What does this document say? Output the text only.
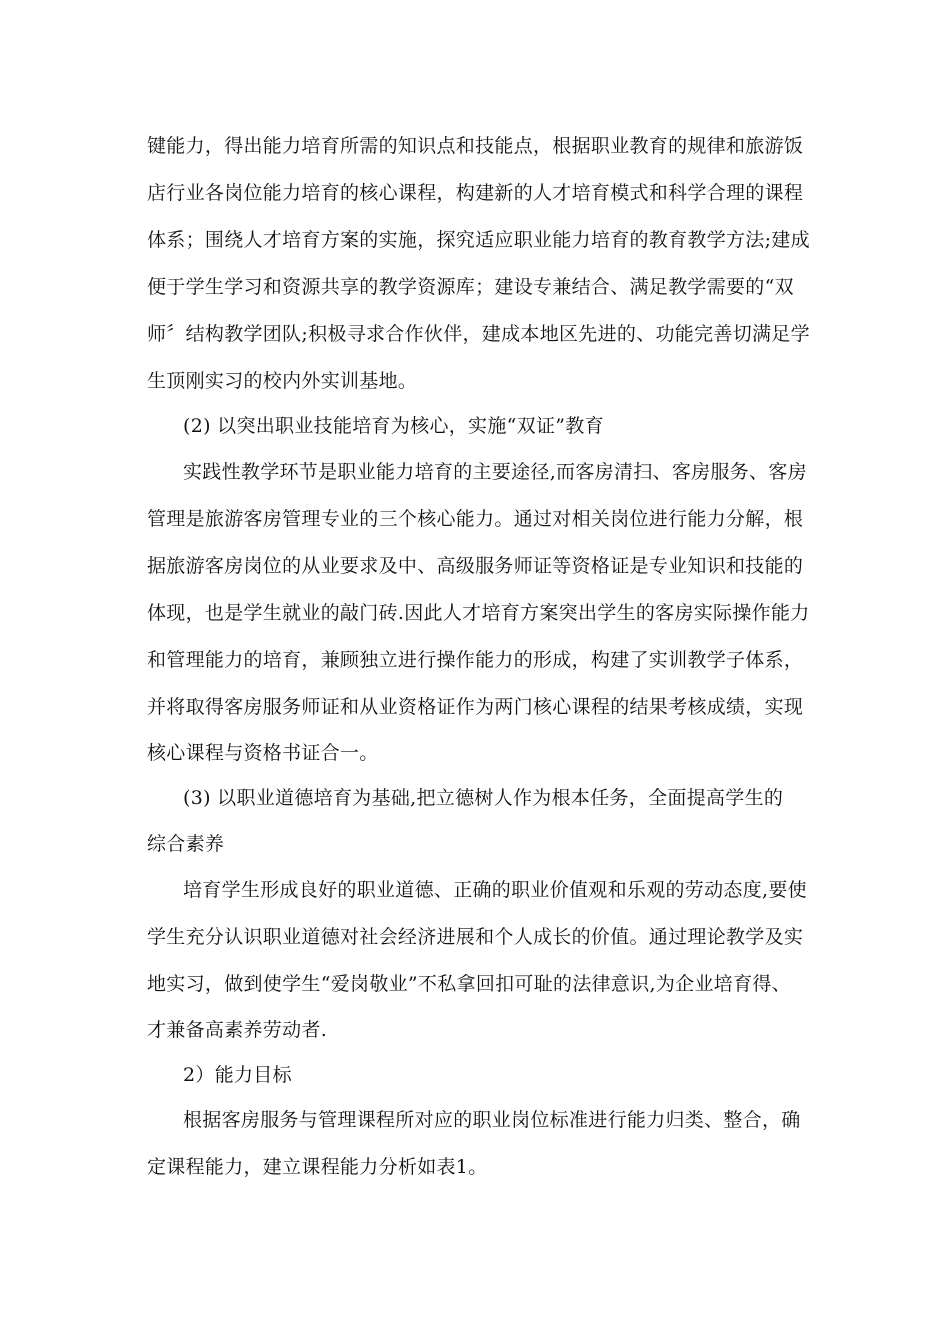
键能力，得出能力培育所需的知识点和技能点，根据职业教育的规律和旅游饭
店行业各岗位能力培育的核心课程，构建新的人才培育模式和科学合理的课程
体系；围绕人才培育方案的实施，探究适应职业能力培育的教育教学方法;建成
便于学生学习和资源共享的教学资源库；建设专兼结合、满足教学需要的“双
师〞结构教学团队;积极寻求合作伙伴，建成本地区先进的、功能完善切满足学
生顶刚实习的校内外实训基地。
(2) 以突出职业技能培育为核心，实施“双证”教育
实践性教学环节是职业能力培育的主要途径,而客房清扫、客房服务、客房
管理是旅游客房管理专业的三个核心能力。通过对相关岗位进行能力分解，根
据旅游客房岗位的从业要求及中、高级服务师证等资格证是专业知识和技能的
体现，也是学生就业的敲门砖.因此人才培育方案突出学生的客房实际操作能力
和管理能力的培育，兼顾独立进行操作能力的形成，构建了实训教学子体系，
并将取得客房服务师证和从业资格证作为两门核心课程的结果考核成绩，实现
核心课程与资格书证合一。
(3) 以职业道德培育为基础,把立德树人作为根本任务，全面提高学生的
综合素养
培育学生形成良好的职业道德、正确的职业价值观和乐观的劳动态度,要使
学生充分认识职业道德对社会经济进展和个人成长的价值。通过理论教学及实
地实习，做到使学生“爱岗敬业”不私拿回扣可耻的法律意识,为企业培育得、
才兼备高素养劳动者.
2）能力目标
根据客房服务与管理课程所对应的职业岗位标准进行能力归类、整合，确
定课程能力，建立课程能力分析如表1。
